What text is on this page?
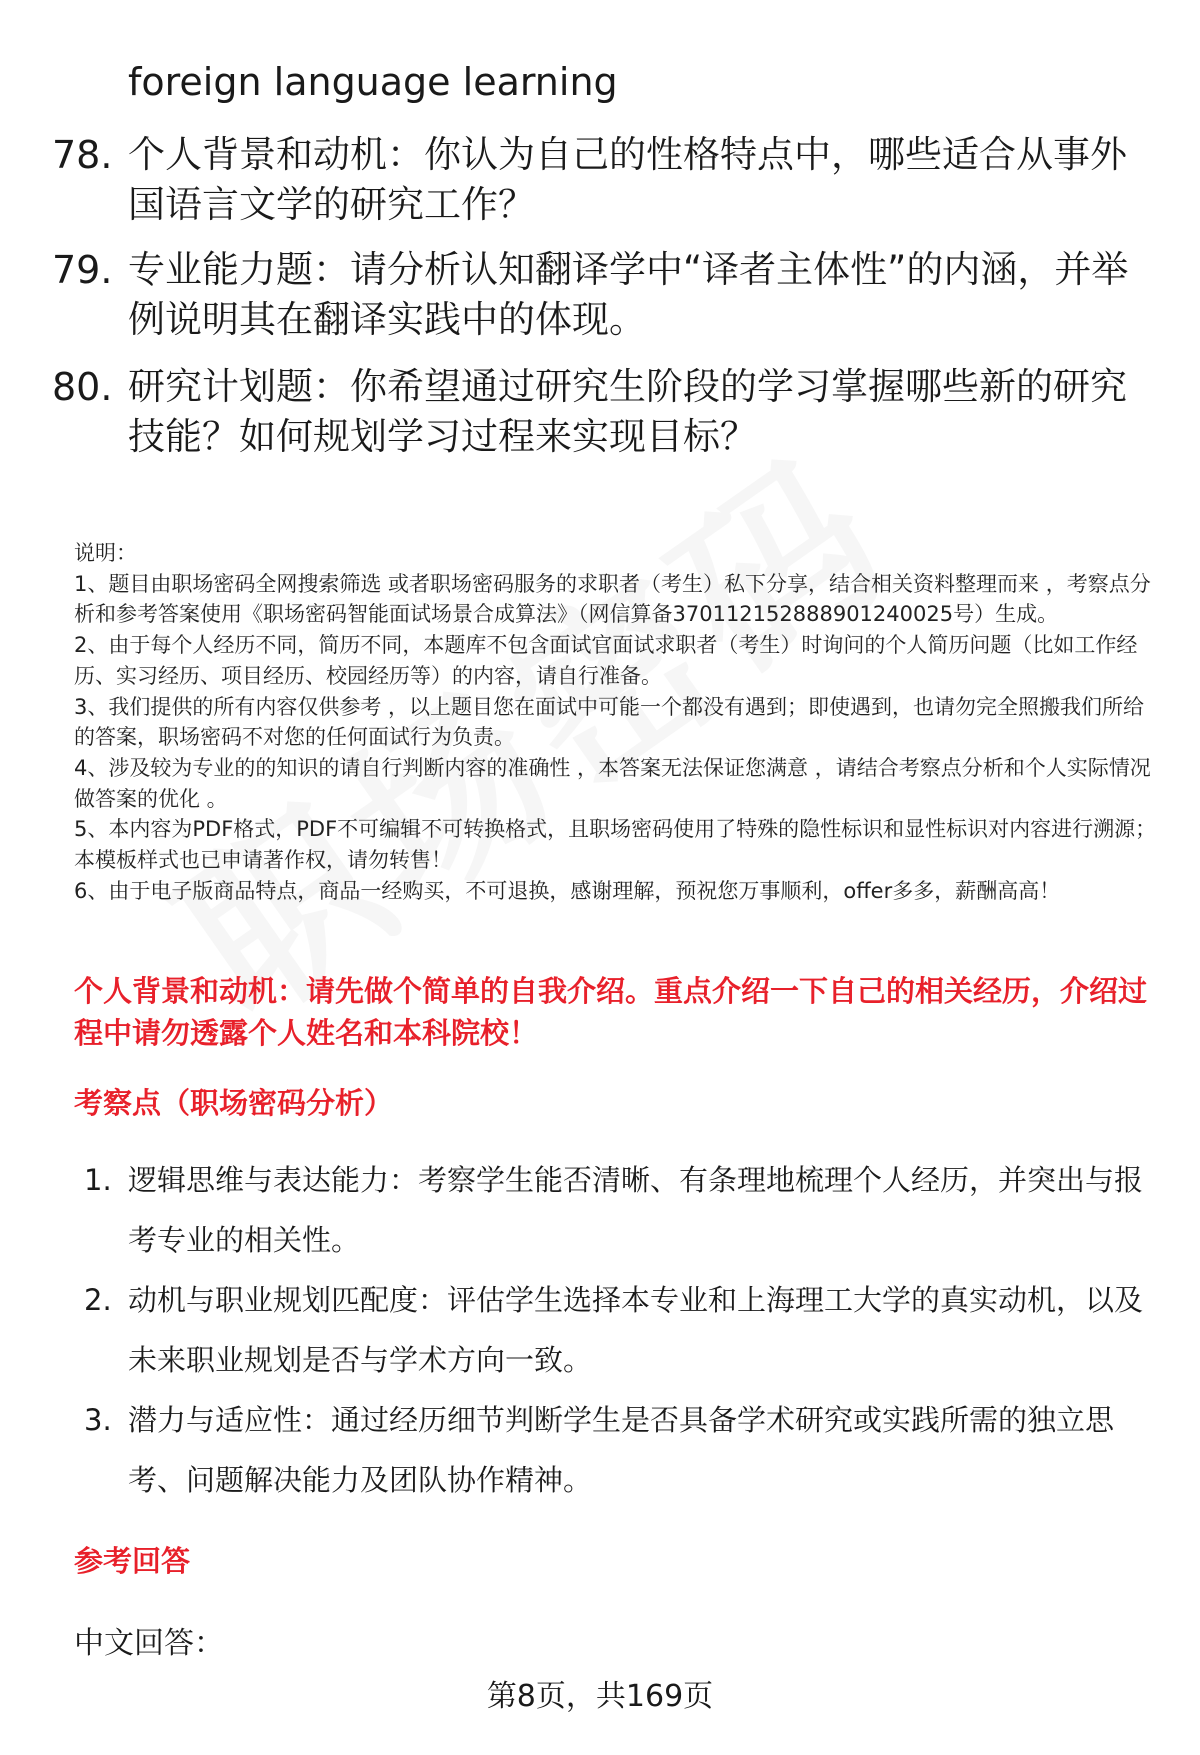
foreign language learning
78. 个人背景和动机：你认为自己的性格特点中，哪些适合从事外国语言文学的研究工作？
79. 专业能力题：请分析认知翻译学中“译者主体性”的内涵，并举例说明其在翻译实践中的体现。
80. 研究计划题：你希望通过研究生阶段的学习掌握哪些新的研究技能？如何规划学习过程来实现目标？

说明：

1、题目由职场密码全网搜索筛选 或者职场密码服务的求职者（考生）私下分享，结合相关资料整理而来 ，考察点分析和参考答案使用《职场密码智能面试场景合成算法》（网信算备370112152888901240025号）生成。

2、由于每个人经历不同，简历不同，本题库不包含面试官面试求职者（考生）时询问的个人简历问题（比如工作经历、实习经历、项目经历、校园经历等）的内容，请自行准备。

3、我们提供的所有内容仅供参考 ，以上题目您在面试中可能一个都没有遇到；即使遇到，也请勿完全照搬我们所给的答案，职场密码不对您的任何面试行为负责。

4、涉及较为专业的的知识的请自行判断内容的准确性 ，本答案无法保证您满意 ，请结合考察点分析和个人实际情况做答案的优化 。

5、本内容为PDF格式，PDF不可编辑不可转换格式，且职场密码使用了特殊的隐性标识和显性标识对内容进行溯源；本模板样式也已申请著作权，请勿转售！

6、由于电子版商品特点，商品一经购买，不可退换，感谢理解，预祝您万事顺利，offer多多，薪酬高高！

个人背景和动机：请先做个简单的自我介绍。重点介绍一下自己的相关经历，介绍过程中请勿透露个人姓名和本科院校！
考察点（职场密码分析）
1. 逻辑思维与表达能力：考察学生能否清晰、有条理地梳理个人经历，并突出与报考专业的相关性。
2. 动机与职业规划匹配度：评估学生选择本专业和上海理工大学的真实动机，以及未来职业规划是否与学术方向一致。
3. 潜力与适应性：通过经历细节判断学生是否具备学术研究或实践所需的独立思考、问题解决能力及团队协作精神。
参考回答
中文回答：
第8页，共169页
